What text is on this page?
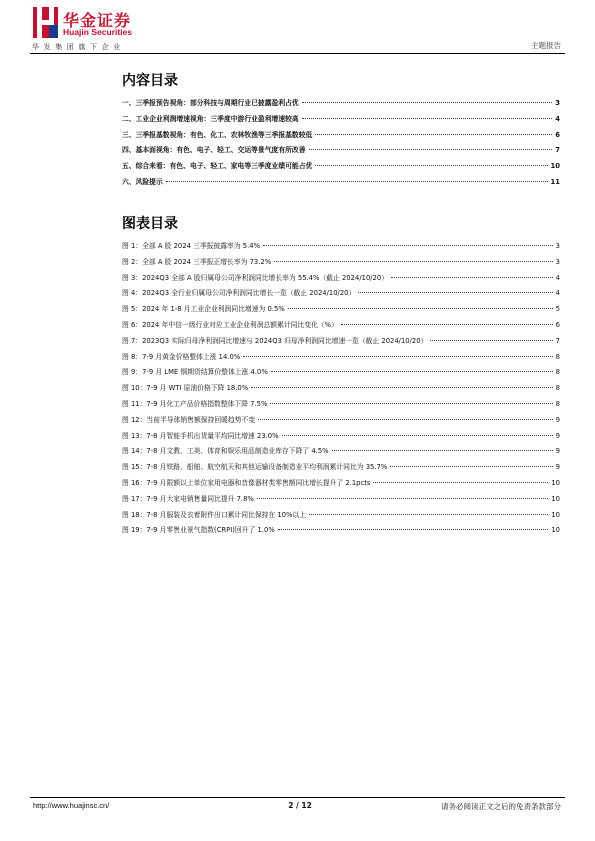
华金证券
Huajin Securities
华发集团旗下企业	主题报告
内容目录
一、三季报预告视角：部分科技与周期行业已披露盈利占优	3
二、工业企业利润增速视角：三季度中游行业盈利增速较高	4
三、三季报基数视角：有色、化工、农林牧渔等三季报基数较低	6
四、基本面视角：有色、电子、轻工、交运等景气度有所改善	7
五、综合来看：有色、电子、轻工、家电等三季度业绩可能占优	10
六、风险提示	11
图表目录
图 1：全部 A 股 2024 三季报披露率为 5.4%	3
图 2：全部 A 股 2024 三季报正增长率为 73.2%	3
图 3：2024Q3 全部 A 股归属母公司净利润同比增长率为 55.4%（截止 2024/10/20）	4
图 4：2024Q3 全行业归属母公司净利润同比增长一览（截止 2024/10/20）	4
图 5：2024 年 1-8 月工业企业利润同比增速为 0.5%	5
图 6：2024 年中信一级行业对应工业企业利润总额累计同比变化（%）	6
图 7：2023Q3 实际归母净利润同比增速与 2024Q3 归母净利润同比增速一览（截止 2024/10/20）	7
图 8：7-9 月黄金价格整体上涨 14.0%	8
图 9：7-9 月 LME 铜期货结算价整体上涨 4.0%	8
图 10：7-9 月 WTI 原油价格下降 18.0%	8
图 11：7-9 月化工产品价格指数整体下降 7.5%	8
图 12：当前半导体销售额保持回暖趋势不变	9
图 13：7-8 月智能手机出货量平均同比增速 23.0%	9
图 14：7-8 月文教、工美、体育和娱乐用品制造业库存下降了 4.5%	9
图 15：7-8 月铁路、船舶、航空航天和其他运输设备制造业平均利润累计同比为 35.7%	9
图 16：7-9 月限额以上单位家用电器和音像器材类零售额同比增长提升了 2.1pcts	10
图 17：7-9 月大家电销售量同比提升 7.8%	10
图 18：7-8 月服装及衣着附件出口累计同比保持在 10%以上	10
图 19：7-9 月零售业景气指数(CRPI)回升了 1.0%	10
http://www.huajinsc.cn/	2 / 12	请务必阅读正文之后的免责条款部分
